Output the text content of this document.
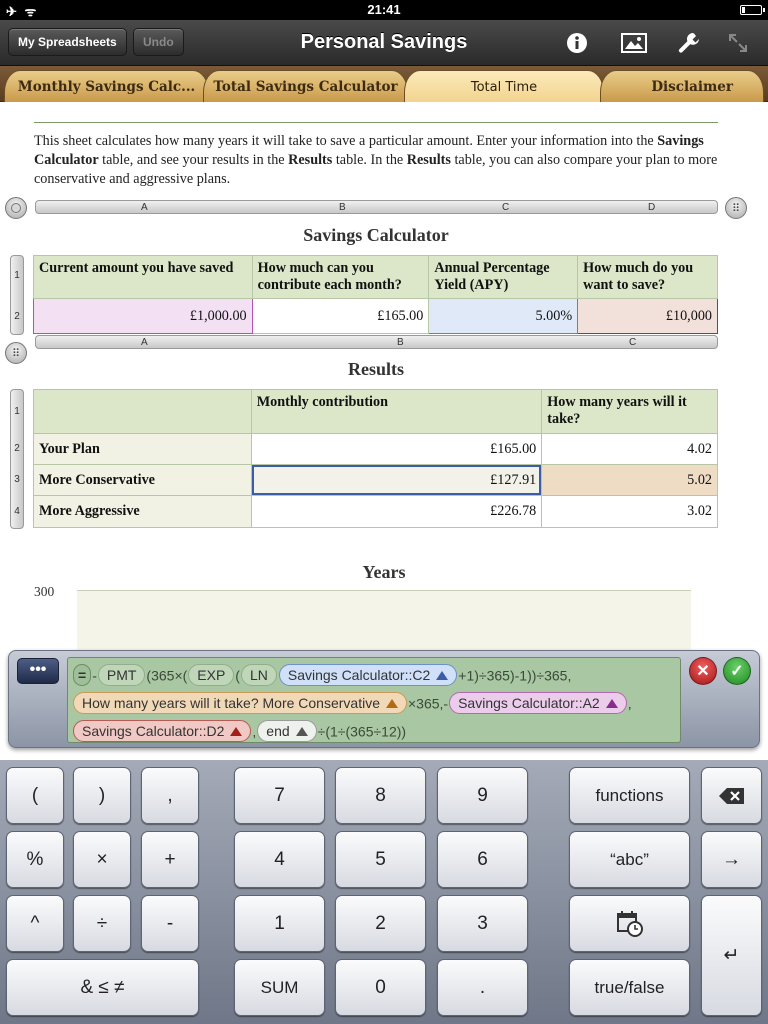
✈ ᯤ	21:41
My Spreadsheets	Undo	Personal Savings
Monthly Savings Calc...	Total Savings Calculator	Total Time	Disclaimer
This sheet calculates how many years it will take to save a particular amount. Enter your information into the Savings Calculator table, and see your results in the Results table. In the Results table, you can also compare your plan to more conservative and aggressive plans.
A	B	C	D	⠿
Savings Calculator
1
2
Current amount you have saved	How much can you contribute each month?	Annual Percentage Yield (APY)	How much do you want to save?
£1,000.00	£165.00	5.00%	£10,000
⠿
A	B	C
Results
1
2
3
4
	Monthly contribution	How many years will it take?
Your Plan	£165.00	4.02
More Conservative	£127.91	5.02
More Aggressive	£226.78	3.02
Years
300
•••	= - PMT (365×( EXP ( LN Savings Calculator::C2 +1)÷365)-1))÷365,
How many years will it take? More Conservative ×365,- Savings Calculator::A2 ,
Savings Calculator::D2 , end ÷(1÷(365÷12))
✕	✓
(	)	,	7	8	9	functions
%	×	+	4	5	6	“abc”	→
^	÷	-	1	2	3
↵
& ≤ ≠	SUM	0	.	true/false
